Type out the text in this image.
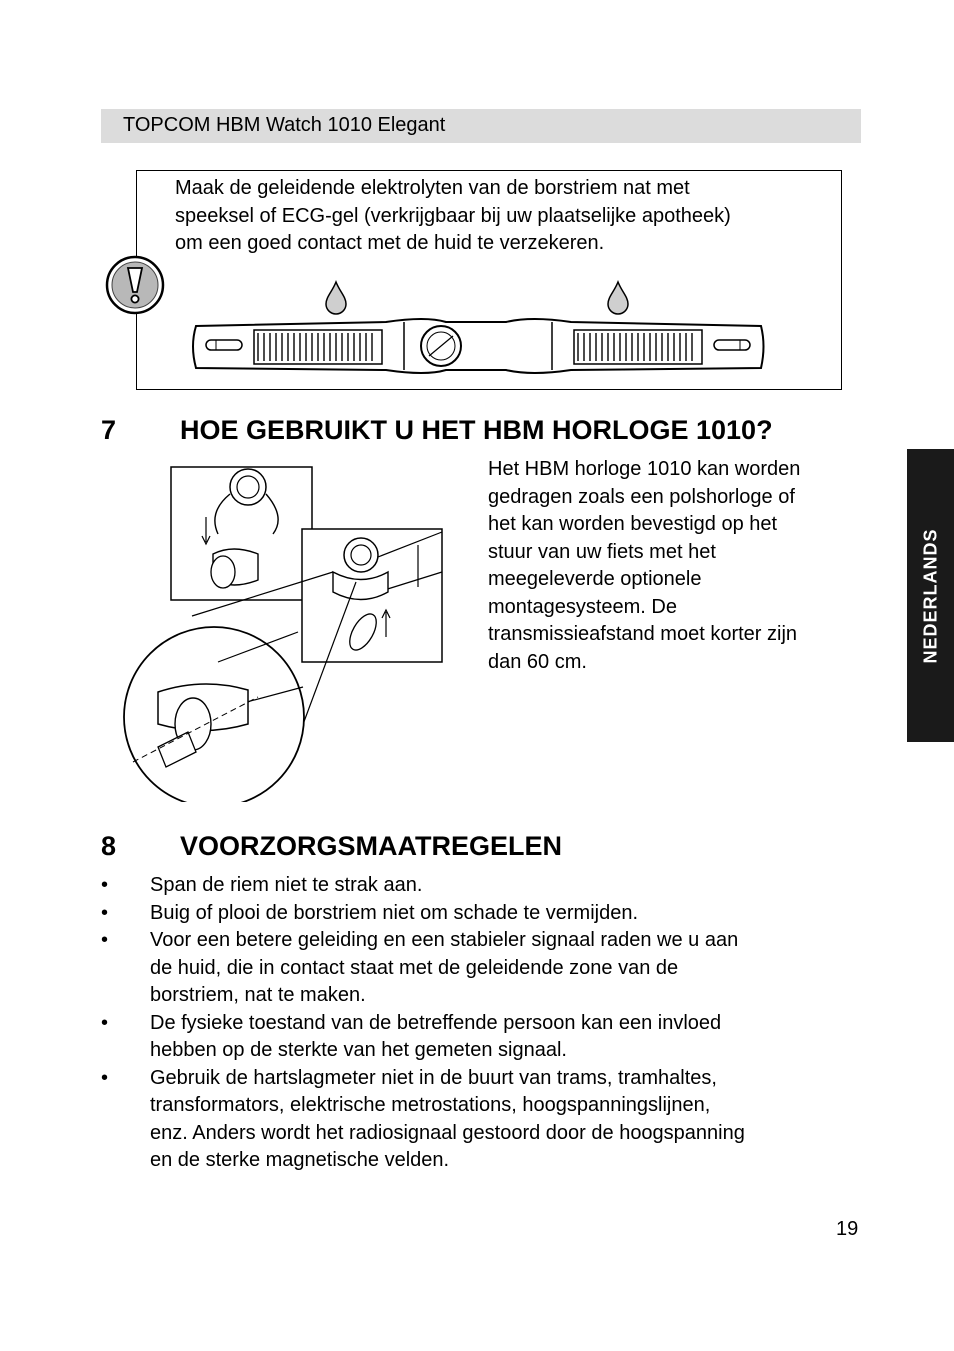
TOPCOM HBM Watch 1010 Elegant
Maak de geleidende elektrolyten van de borstriem nat met
speeksel of ECG-gel (verkrijgbaar bij uw plaatselijke apotheek)
om een goed contact met de huid te verzekeren.
7 HOE GEBRUIKT U HET HBM HORLOGE 1010?
Het HBM horloge 1010 kan worden
gedragen zoals een polshorloge of
het kan worden bevestigd op het
stuur van uw fiets met het
meegeleverde optionele
montagesysteem. De
transmissieafstand moet korter zijn
dan 60 cm.
8 VOORZORGSMAATREGELEN
• Span de riem niet te strak aan.
• Buig of plooi de borstriem niet om schade te vermijden.
• Voor een betere geleiding en een stabieler signaal raden we u aan
de huid, die in contact staat met de geleidende zone van de
borstriem, nat te maken.
• De fysieke toestand van de betreffende persoon kan een invloed
hebben op de sterkte van het gemeten signaal.
• Gebruik de hartslagmeter niet in de buurt van trams, tramhaltes,
transformators, elektrische metrostations, hoogspanningslijnen,
enz. Anders wordt het radiosignaal gestoord door de hoogspanning
en de sterke magnetische velden.
NEDERLANDS
19
